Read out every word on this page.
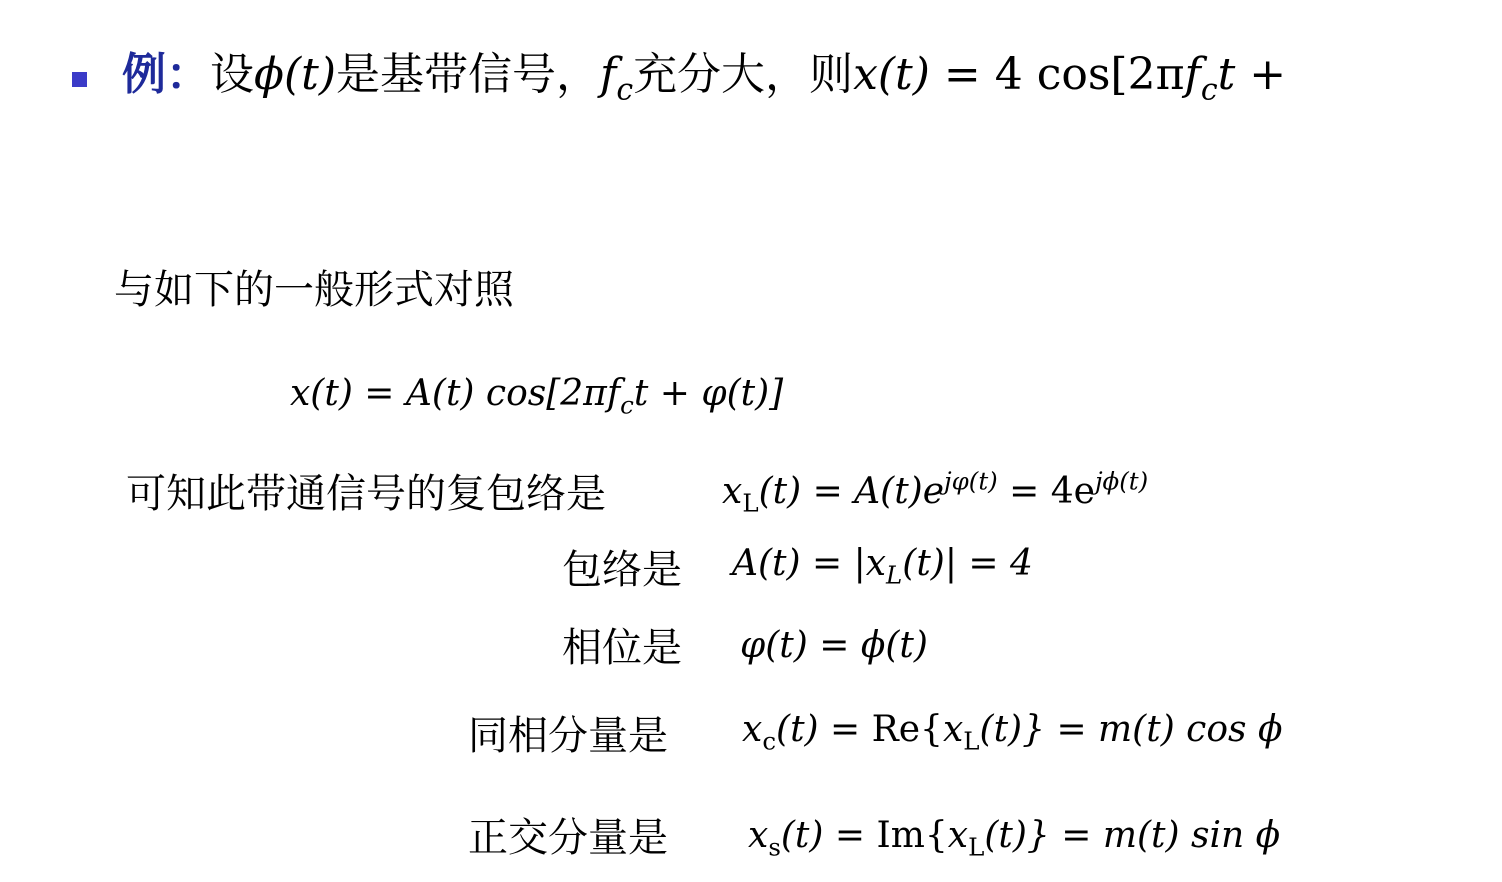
例：设ϕ(t)是基带信号，$f_c$充分大，则x(t) = 4 $\cos[2\pi f_ct$ +
与如下的一般形式对照
x(t) = A(t) $\cos[2\pi f_ct + \varphi(t)]$
可知此带通信号的复包络是	$x_L(t) = A(t)e^{j\varphi(t)} = 4e^{j\phi(t)}$
包络是 $A(t) = |x_L(t)| = 4$
相位是 φ(t) = ϕ(t)
同相分量是 $x_c(t) = Re\{x_L(t)\} = m(t)$ cos ϕ
正交分量是 $x_s(t) = Im\{x_L(t)\} = m(t)$ sin ϕ
